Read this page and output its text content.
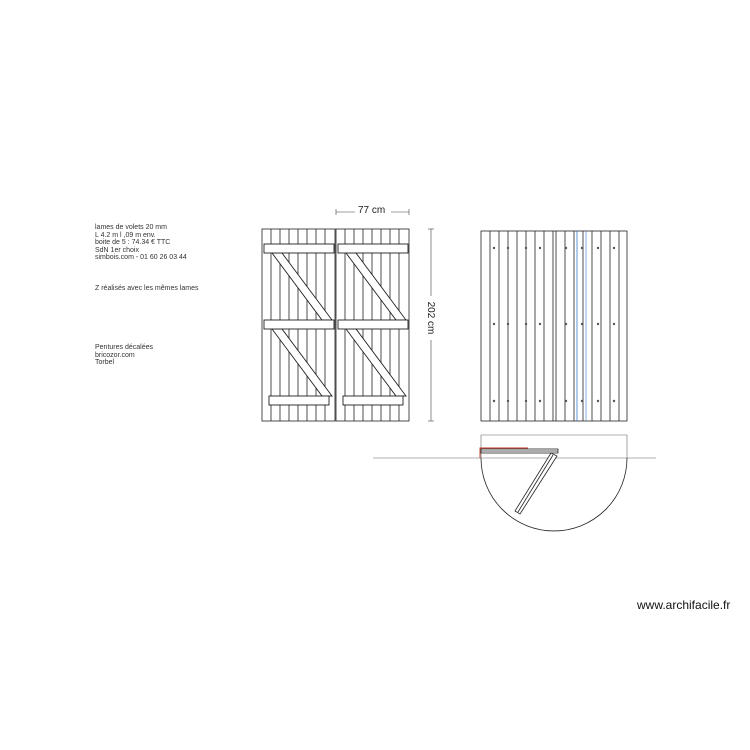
lames de volets 20 mm
L 4.2 m l ,09 m env.
boite de 5 : 74.34 € TTC
SdN 1er choix
simbois.com - 01 60 26 03 44
Z réalisés avec les mêmes lames
Pentures décalées
bricozor.com
Torbel
202 cm
77 cm
www.archifacile.fr
